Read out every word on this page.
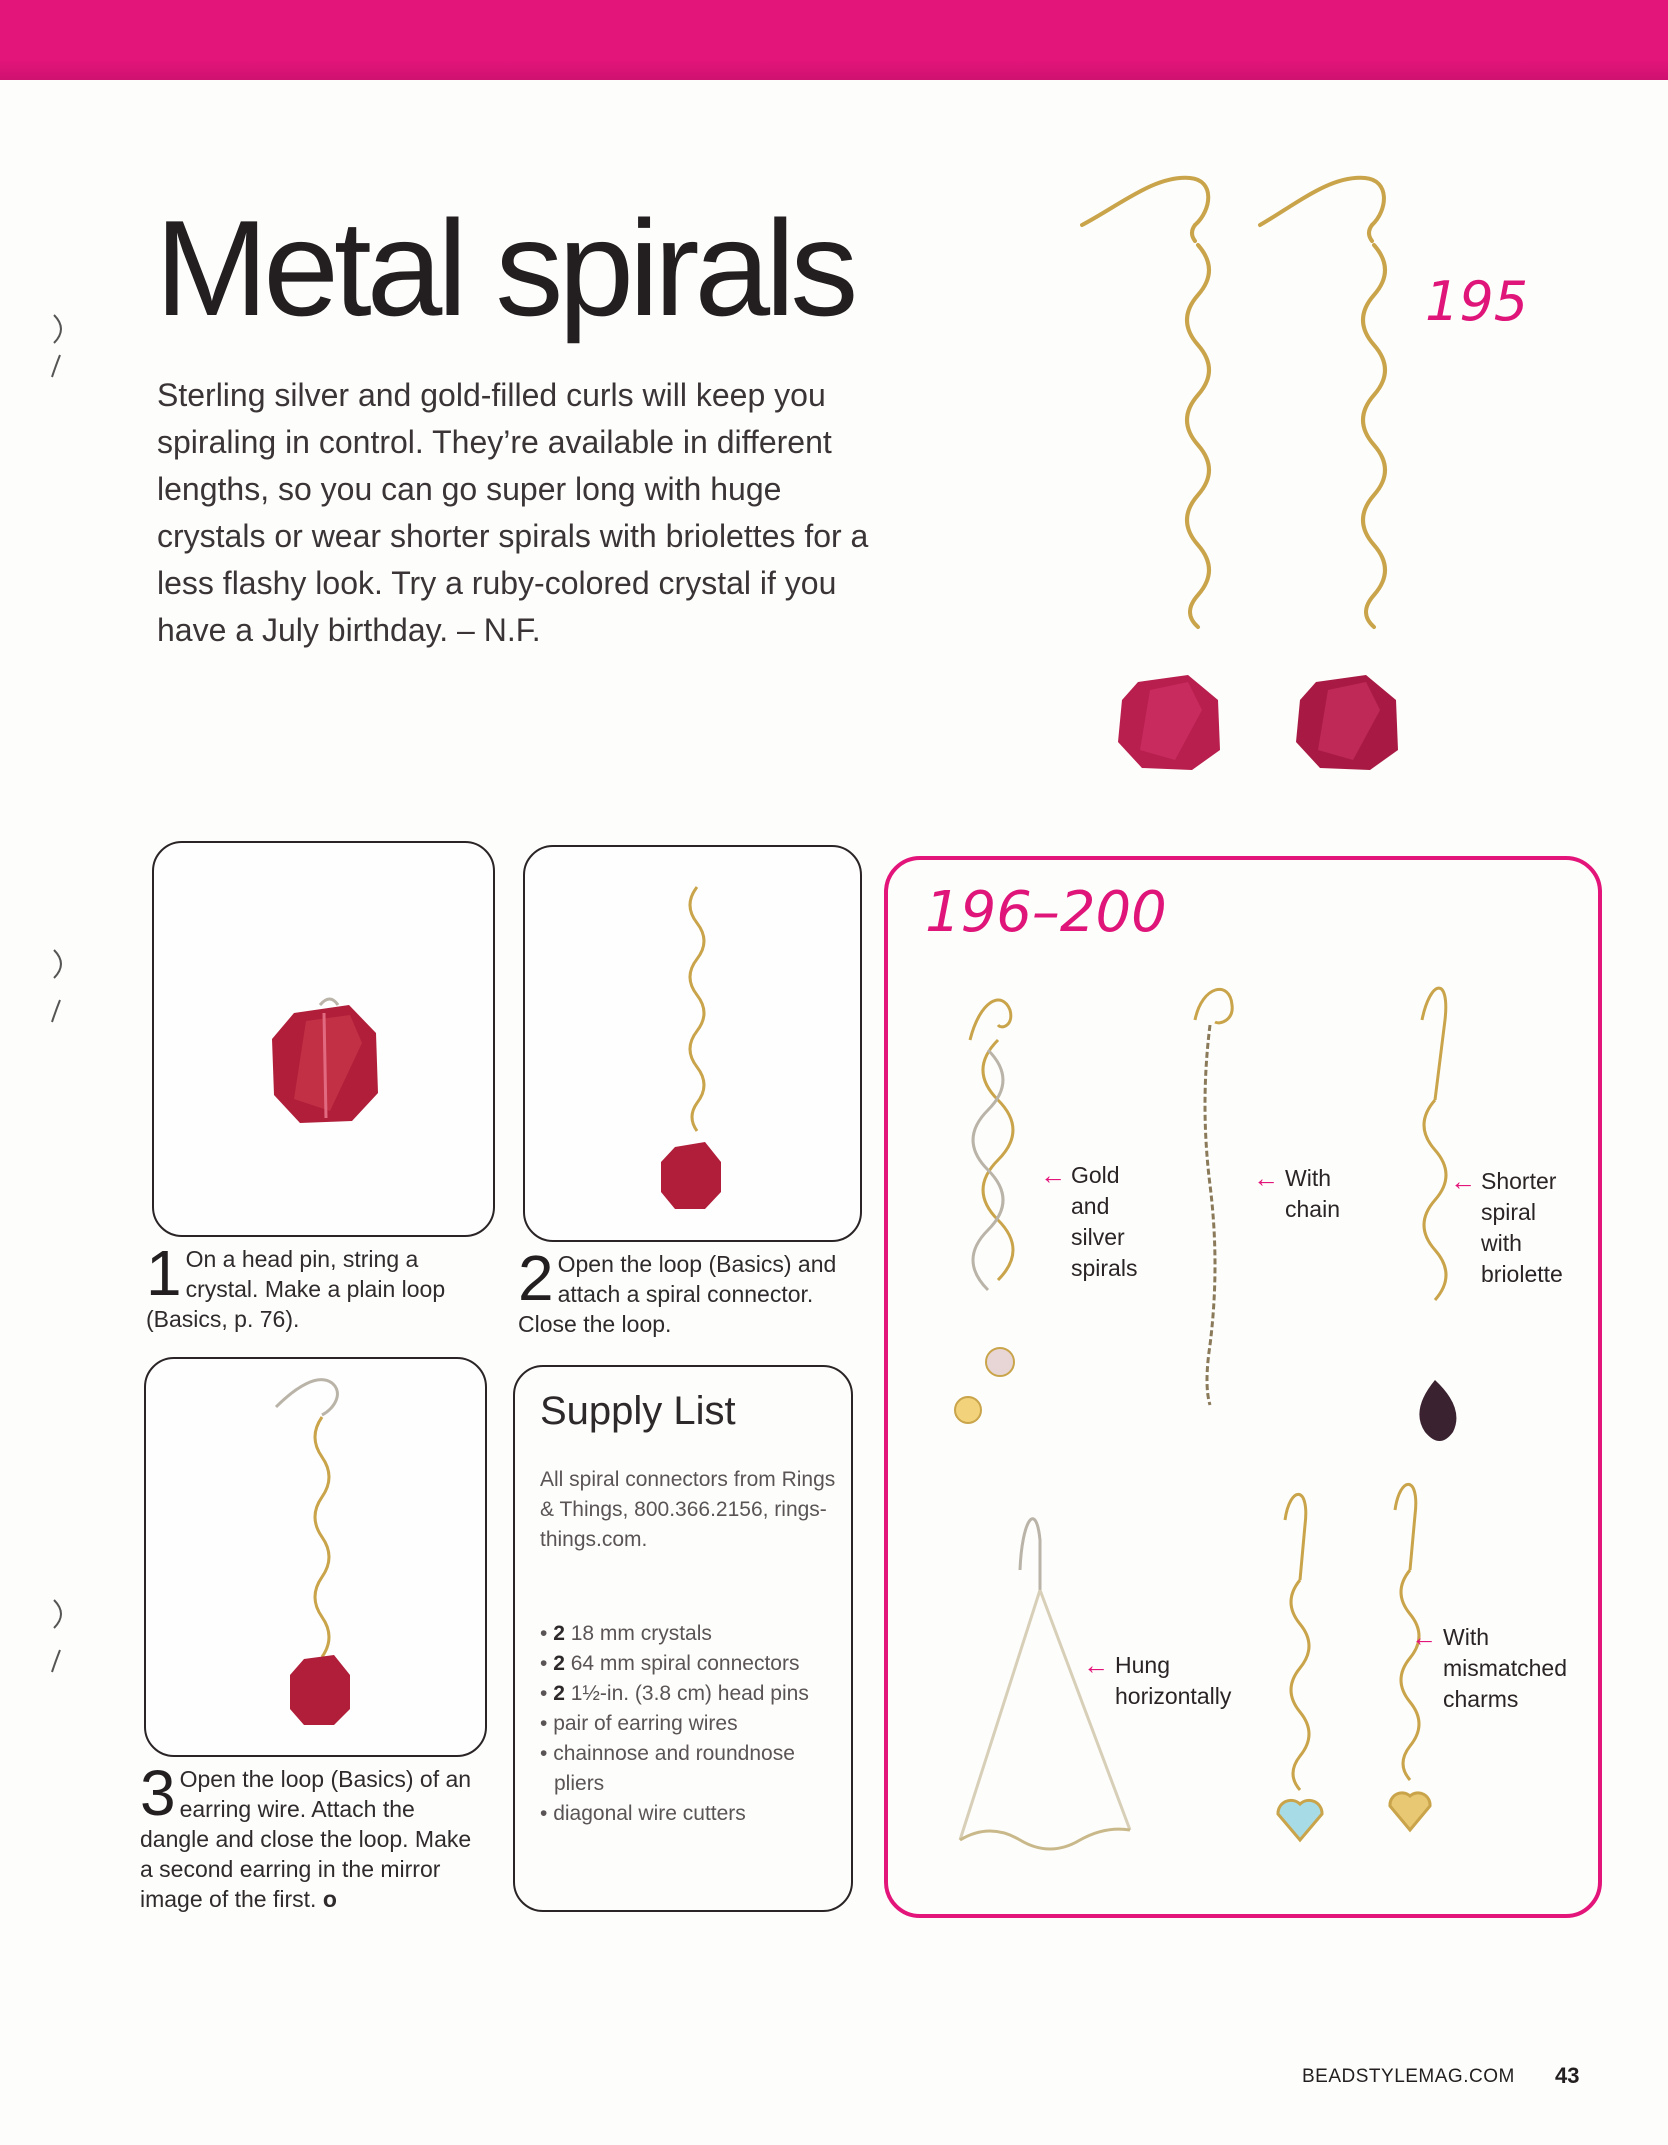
Metal spirals

Sterling silver and gold-filled curls will keep you spiraling in control. They’re available in different lengths, so you can go super long with huge crystals or wear shorter spirals with briolettes for a less flashy look. Try a ruby-colored crystal if you have a July birthday. – N.F.

195
1 On a head pin, string a crystal. Make a plain loop (Basics, p. 76).
2 Open the loop (Basics) and attach a spiral connector. Close the loop.
3 Open the loop (Basics) of an earring wire. Attach the dangle and close the loop. Make a second earring in the mirror image of the first. o
Supply List

All spiral connectors from Rings & Things, 800.366.2156, rings-things.com.

• 2 18 mm crystals
• 2 64 mm spiral connectors
• 2 1½-in. (3.8 cm) head pins
• pair of earring wires
• chainnose and roundnose pliers
• diagonal wire cutters
196–200
← Gold and silver spirals

← With chain

← Shorter spiral with briolette

← Hung horizontally

← With mismatched charms

BEADSTYLEMAG.COM 43
